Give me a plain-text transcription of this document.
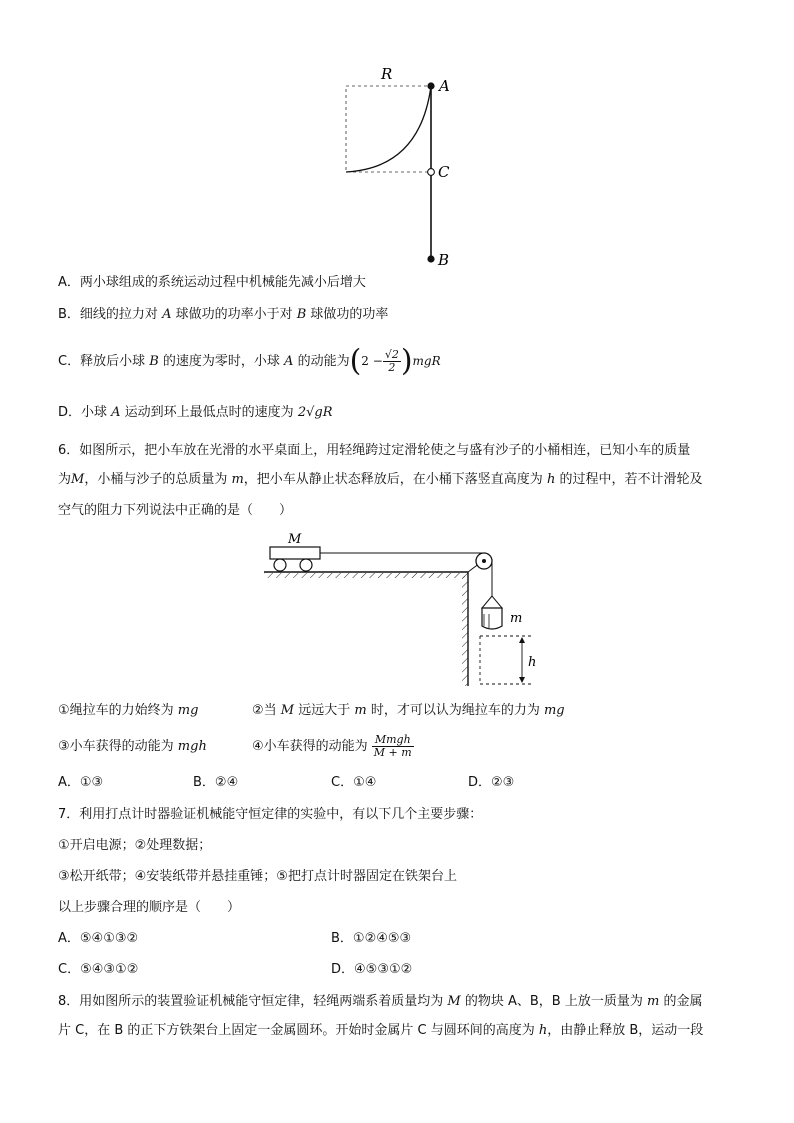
R
A
C
B
A．两小球组成的系统运动过程中机械能先减小后增大
B．细线的拉力对 A 球做功的功率小于对 B 球做功的功率
C．释放后小球 B 的速度为零时，小球 A 的动能为$(2 - \frac{√2}{2} )mgR$
D．小球 A 运动到环上最低点时的速度为 2√gR
6．如图所示，把小车放在光滑的水平桌面上，用轻绳跨过定滑轮使之与盛有沙子的小桶相连，已知小车的质量
为M，小桶与沙子的总质量为 m，把小车从静止状态释放后，在小桶下落竖直高度为 h 的过程中，若不计滑轮及
空气的阻力下列说法中正确的是（　　）
M
m
h
①绳拉车的力始终为 mg	②当 M 远远大于 m 时，才可以认为绳拉车的力为 mg
③小车获得的动能为 mgh	④小车获得的动能为 $\frac{\text{Mmgh}}{M + m}$
A．①③	B．②④	C．①④	D．②③
7．利用打点计时器验证机械能守恒定律的实验中，有以下几个主要步骤：
①开启电源；②处理数据；
③松开纸带；④安装纸带并悬挂重锤；⑤把打点计时器固定在铁架台上
以上步骤合理的顺序是（　　）
A．⑤④①③②	B．①②④⑤③
C．⑤④③①②	D．④⑤③①②
8．用如图所示的装置验证机械能守恒定律，轻绳两端系着质量均为 M 的物块 A、B，B 上放一质量为 m 的金属
片 C，在 B 的正下方铁架台上固定一金属圆环。开始时金属片 C 与圆环间的高度为 h，由静止释放 B，运动一段
